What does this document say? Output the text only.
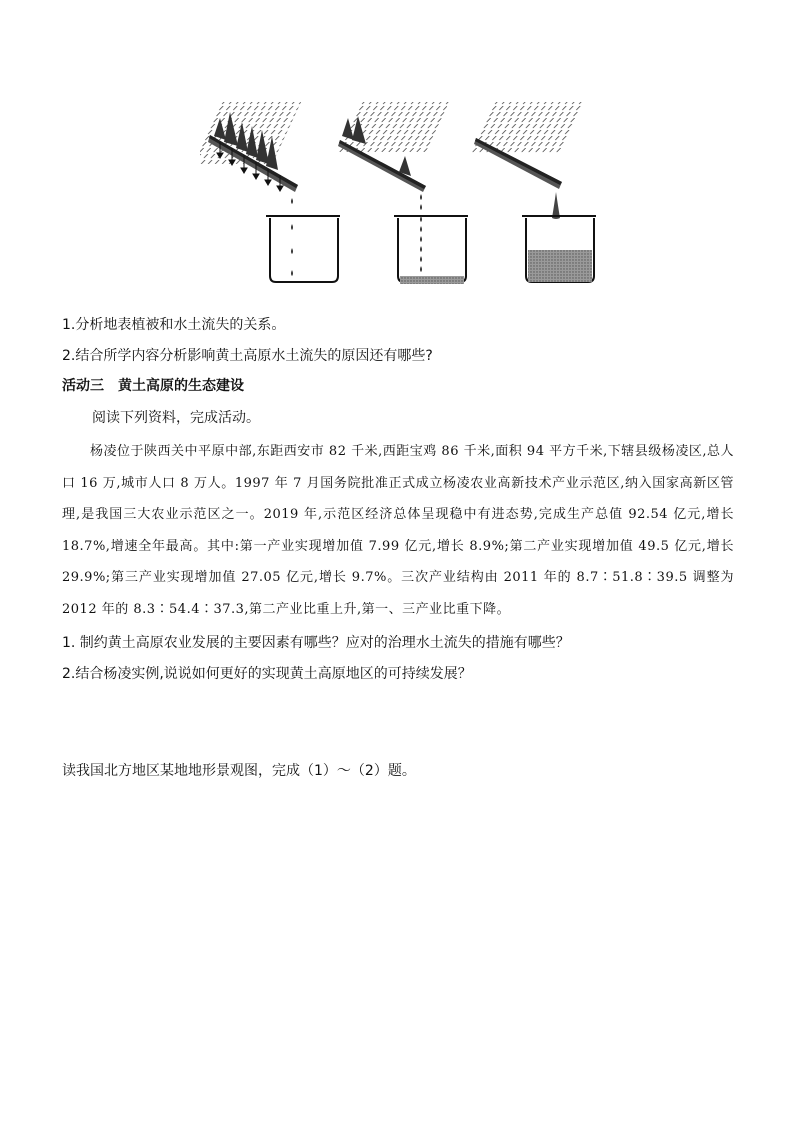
1.分析地表植被和水土流失的关系。
2.结合所学内容分析影响黄土高原水土流失的原因还有哪些?
活动三　黄土高原的生态建设
阅读下列资料，完成活动。
杨凌位于陕西关中平原中部,东距西安市 82 千米,西距宝鸡 86 千米,面积 94 平方千米,下辖县级杨凌区,总人口 16 万,城市人口 8 万人。1997 年 7 月国务院批准正式成立杨凌农业高新技术产业示范区,纳入国家高新区管理,是我国三大农业示范区之一。2019 年,示范区经济总体呈现稳中有进态势,完成生产总值 92.54 亿元,增长 18.7%,增速全年最高。其中:第一产业实现增加值 7.99 亿元,增长 8.9%;第二产业实现增加值 49.5 亿元,增长 29.9%;第三产业实现增加值 27.05 亿元,增长 9.7%。三次产业结构由 2011 年的 8.7∶51.8∶39.5 调整为 2012 年的 8.3∶54.4∶37.3,第二产业比重上升,第一、三产业比重下降。
1. 制约黄土高原农业发展的主要因素有哪些？应对的治理水土流失的措施有哪些？
2.结合杨凌实例,说说如何更好的实现黄土高原地区的可持续发展？
读我国北方地区某地地形景观图，完成（1）～（2）题。
